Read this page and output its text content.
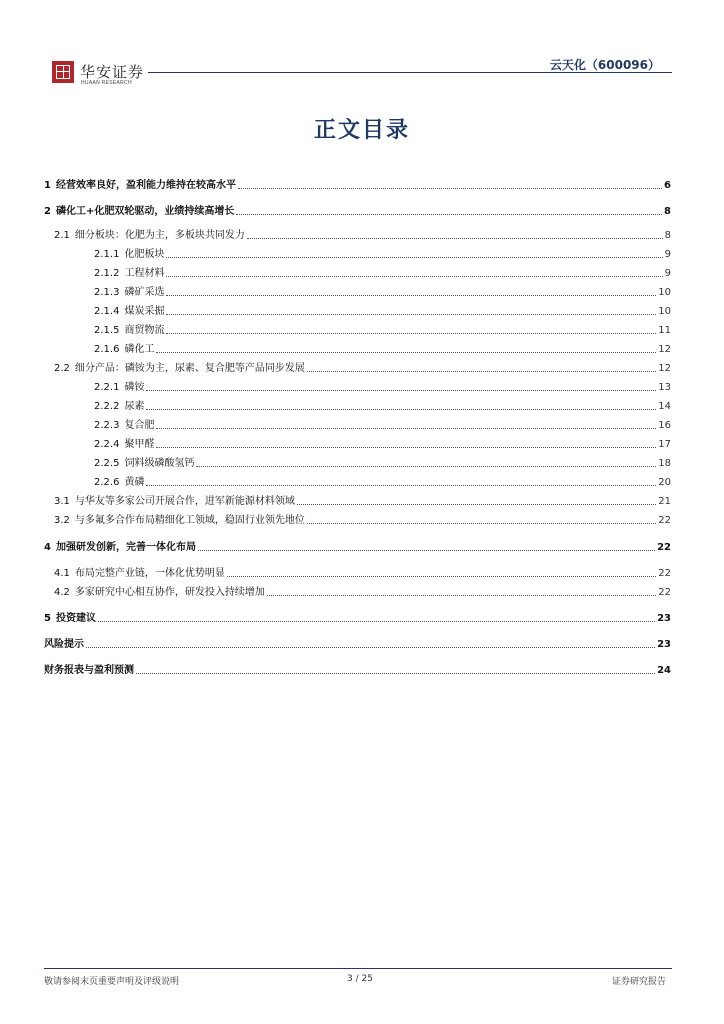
华安证券
HUAAN RESEARCH
云天化（600096）
正文目录
1 经营效率良好，盈利能力维持在较高水平	6
2 磷化工+化肥双轮驱动，业绩持续高增长	8
2.1 细分板块：化肥为主，多板块共同发力	8
2.1.1 化肥板块	9
2.1.2 工程材料	9
2.1.3 磷矿采选	10
2.1.4 煤炭采掘	10
2.1.5 商贸物流	11
2.1.6 磷化工	12
2.2 细分产品：磷铵为主，尿素、复合肥等产品同步发展	12
2.2.1 磷铵	13
2.2.2 尿素	14
2.2.3 复合肥	16
2.2.4 聚甲醛	17
2.2.5 饲料级磷酸氢钙	18
2.2.6 黄磷	20
3.1 与华友等多家公司开展合作，进军新能源材料领域	21
3.2 与多氟多合作布局精细化工领域，稳固行业领先地位	22
4 加强研发创新，完善一体化布局	22
4.1 布局完整产业链，一体化优势明显	22
4.2 多家研究中心相互协作，研发投入持续增加	22
5 投资建议	23
风险提示	23
财务报表与盈利预测	24
敬请参阅末页重要声明及评级说明	3 / 25	证券研究报告
